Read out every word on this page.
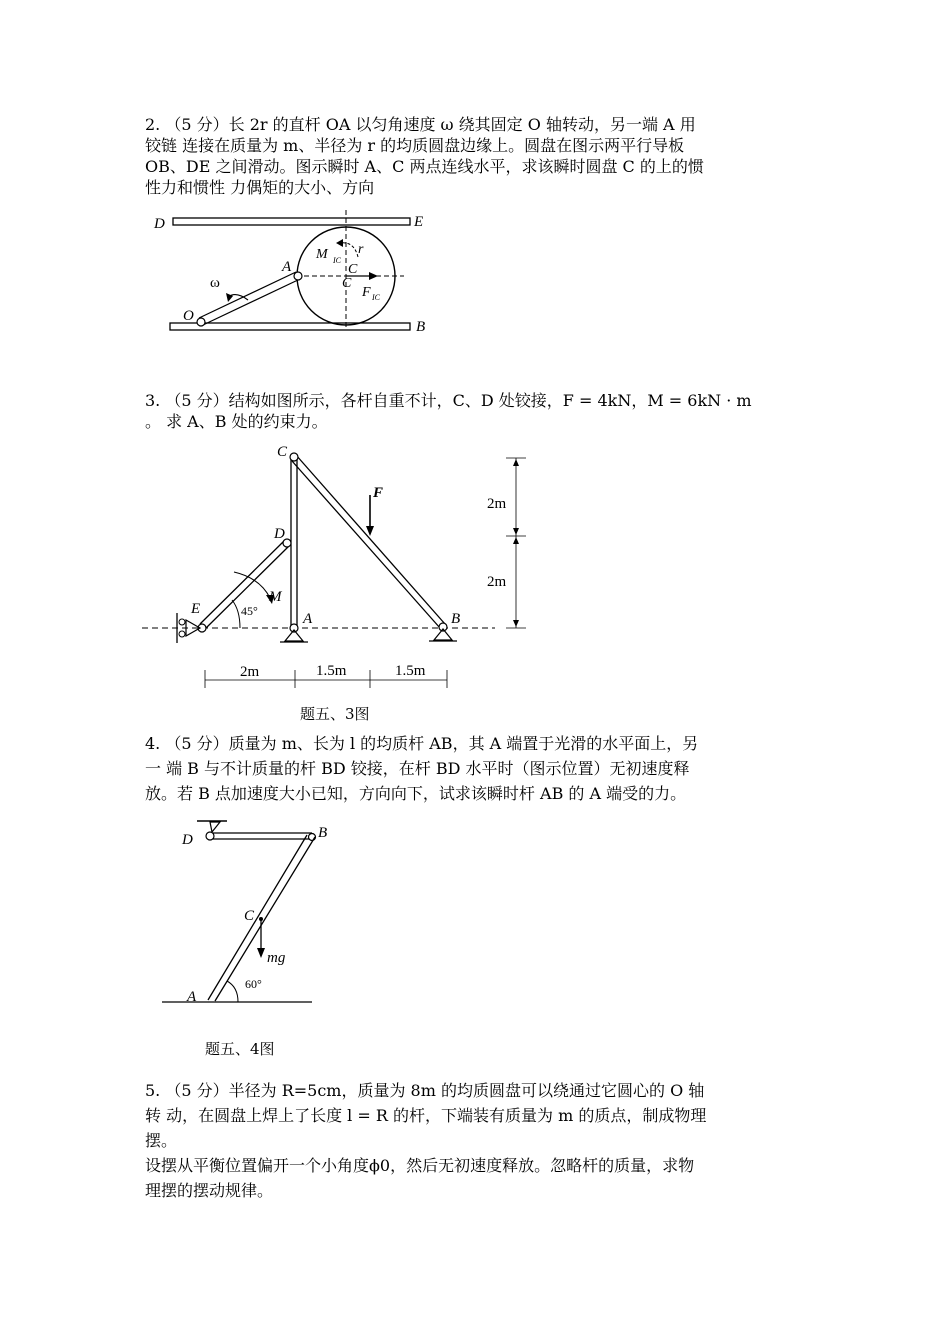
2. （5 分）长 2r 的直杆 OA 以匀角速度 ω 绕其固定 O 轴转动，另一端 A 用
铰链 连接在质量为 m、半径为 r 的均质圆盘边缘上。圆盘在图示两平行导板
OB、DE 之间滑动。图示瞬时 A、C 两点连线水平，求该瞬时圆盘 C 的上的惯
性力和惯性 力偶矩的大小、方向
D	E
O
B
A
ω
M IC
r
C
C
F IC
3. （5 分）结构如图所示，各杆自重不计，C、D 处铰接，F = 4kN，M = 6kN · m
。 求 A、B 处的约束力。
C
D
E
A	B
F
M
45°
2m
2m
2m	1.5m	1.5m
题五、3图
4. （5 分）质量为 m、长为 l 的均质杆 AB，其 A 端置于光滑的水平面上，另
一 端 B 与不计质量的杆 BD 铰接，在杆 BD 水平时（图示位置）无初速度释
放。若 B 点加速度大小已知，方向向下，试求该瞬时杆 AB 的 A 端受的力。
D	B
C
A
mg
60°
题五、4图
5. （5 分）半径为 R=5cm，质量为 8m 的均质圆盘可以绕通过它圆心的 O 轴
转 动，在圆盘上焊上了长度 l = R 的杆，下端装有质量为 m 的质点，制成物理
摆。
设摆从平衡位置偏开一个小角度ϕ0，然后无初速度释放。忽略杆的质量，求物
理摆的摆动规律。
